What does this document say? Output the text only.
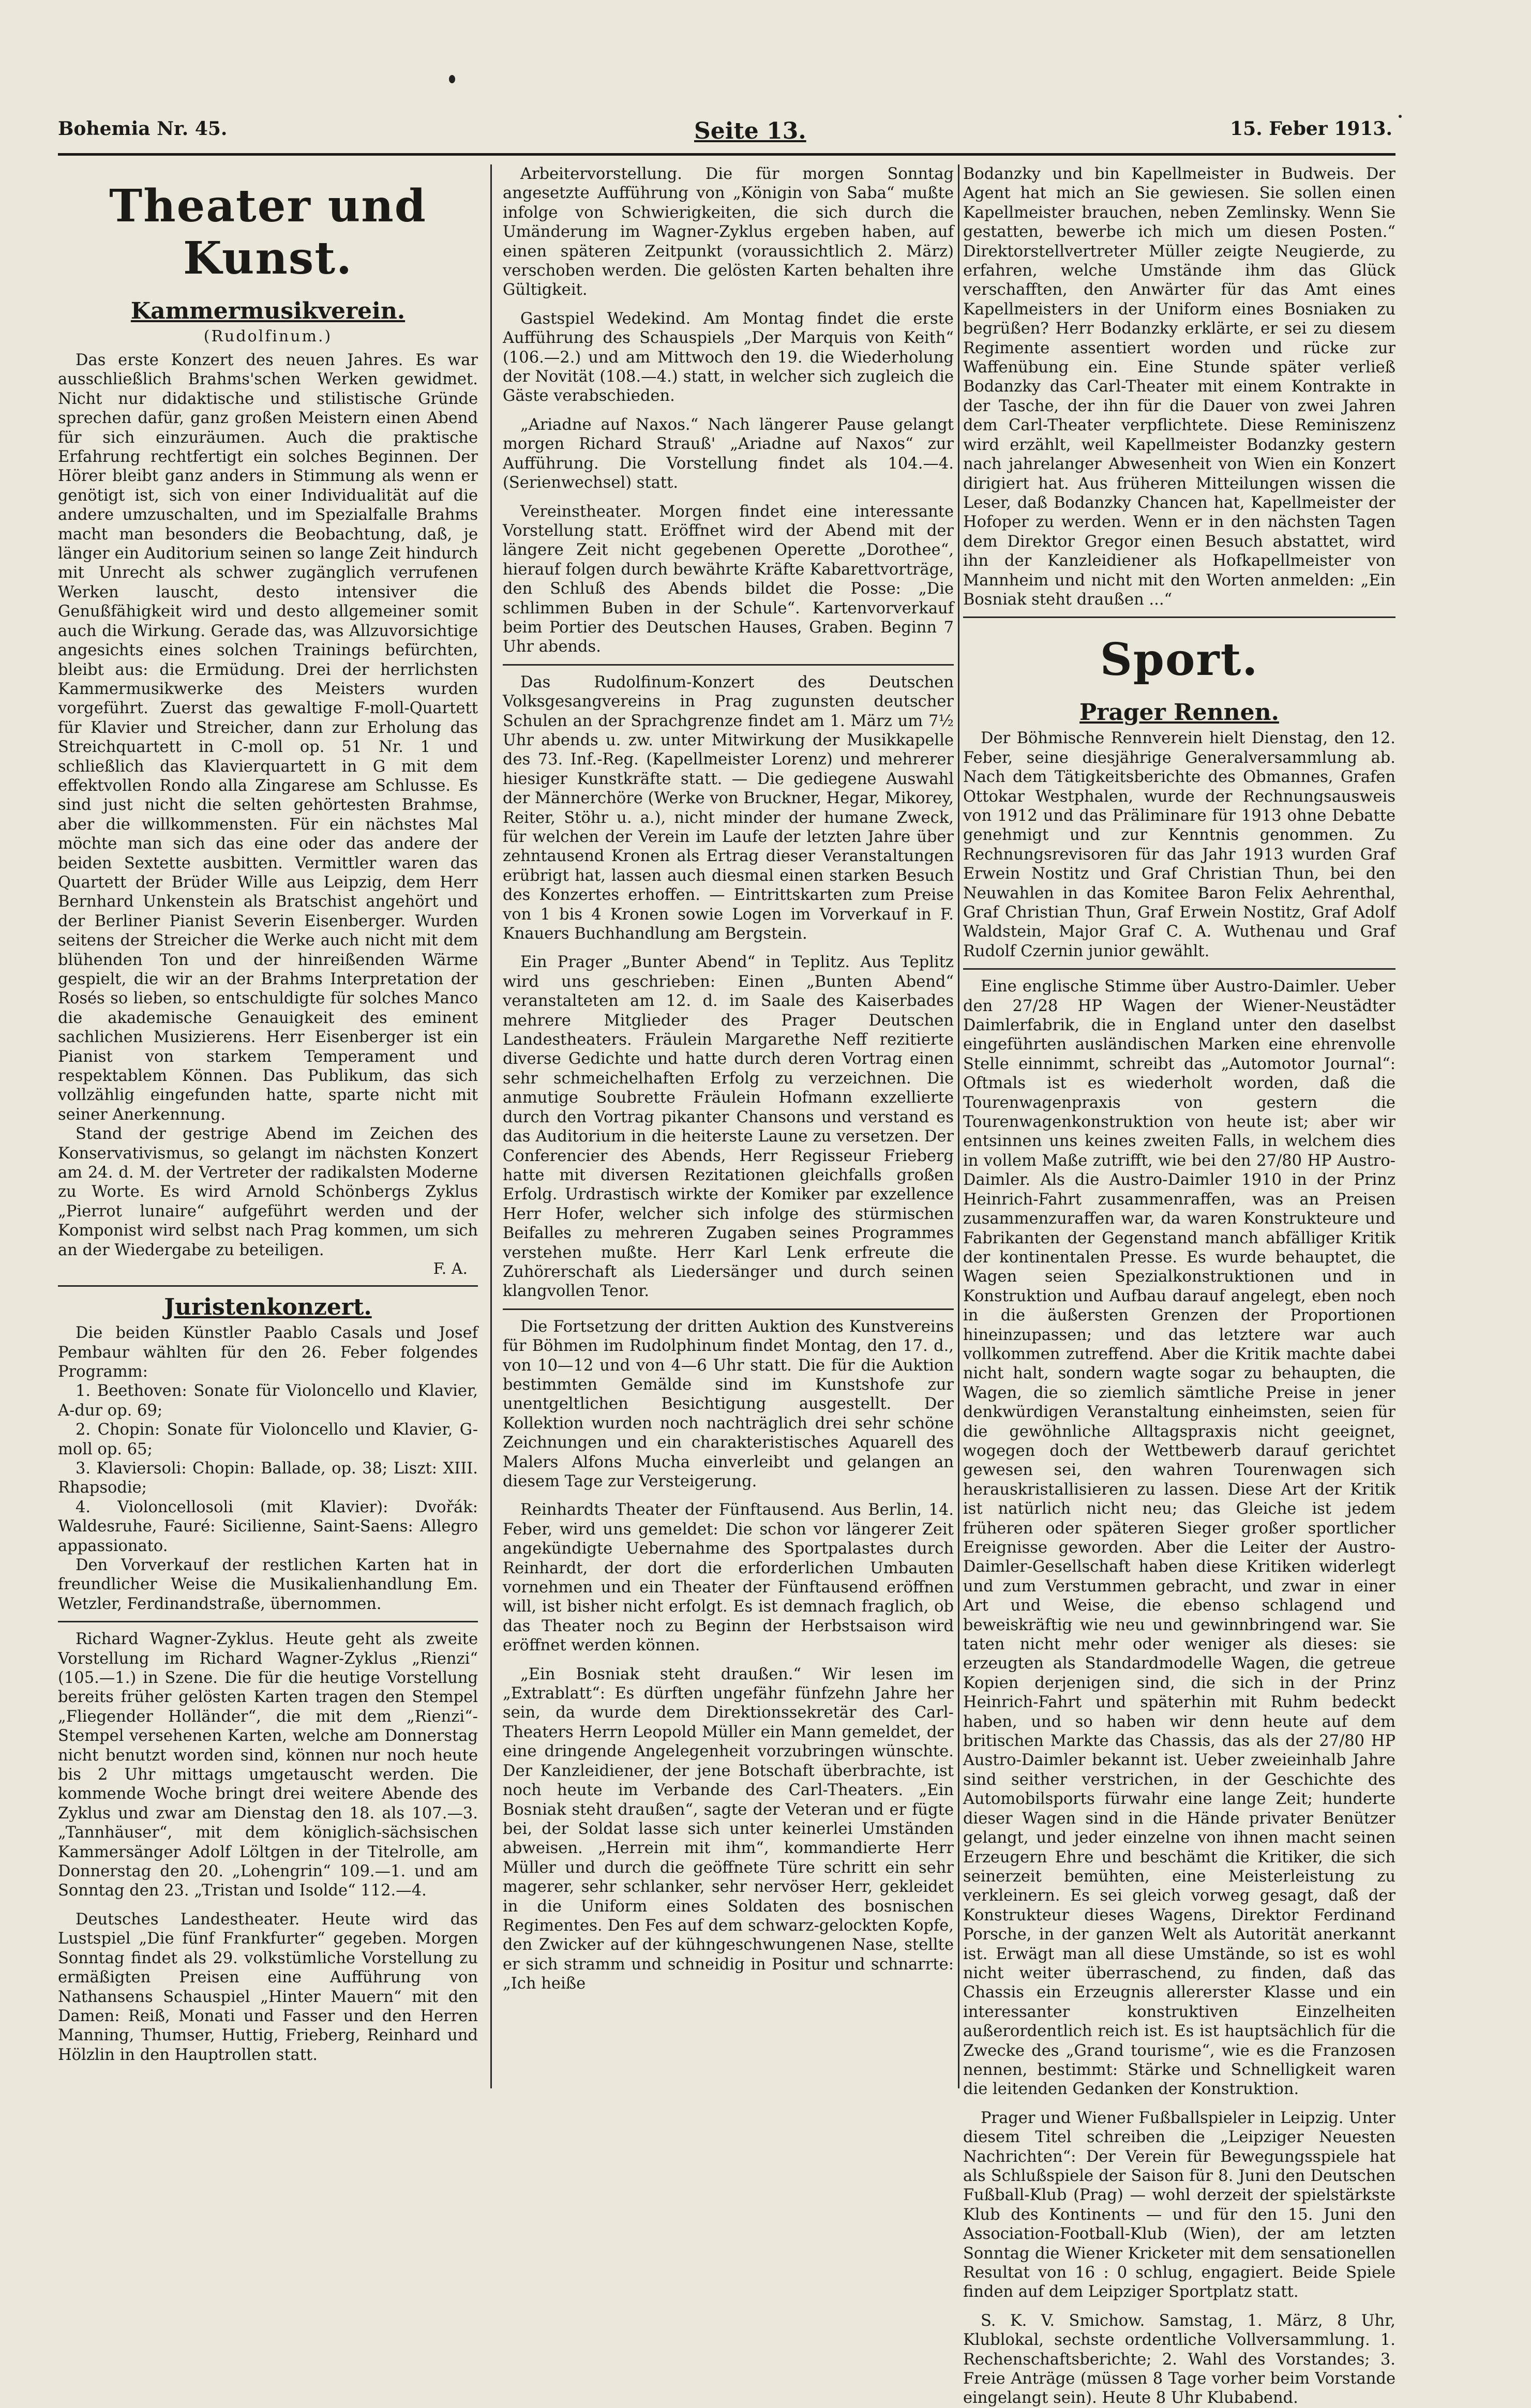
Bohemia Nr. 45.	Seite 13.	15. Feber 1913.
Theater und Kunst.
Kammermusikverein.
(Rudolfinum.)

Das erste Konzert des neuen Jahres. Es war ausschließlich Brahms'schen Werken gewidmet. Nicht nur didaktische und stilistische Gründe sprechen dafür, ganz großen Meistern einen Abend für sich einzuräumen. Auch die praktische Erfahrung rechtfertigt ein solches Beginnen. Der Hörer bleibt ganz anders in Stimmung als wenn er genötigt ist, sich von einer Individualität auf die andere umzuschalten, und im Spezialfalle Brahms macht man besonders die Beobachtung, daß, je länger ein Auditorium seinen so lange Zeit hindurch mit Unrecht als schwer zugänglich verrufenen Werken lauscht, desto intensiver die Genußfähigkeit wird und desto allgemeiner somit auch die Wirkung. Gerade das, was Allzuvorsichtige angesichts eines solchen Trainings befürchten, bleibt aus: die Ermüdung. Drei der herrlichsten Kammermusikwerke des Meisters wurden vorgeführt. Zuerst das gewaltige F-moll-Quartett für Klavier und Streicher, dann zur Erholung das Streichquartett in C-moll op. 51 Nr. 1 und schließlich das Klavierquartett in G mit dem effektvollen Rondo alla Zingarese am Schlusse. Es sind just nicht die selten gehörtesten Brahmse, aber die willkommensten. Für ein nächstes Mal möchte man sich das eine oder das andere der beiden Sextette ausbitten. Vermittler waren das Quartett der Brüder Wille aus Leipzig, dem Herr Bernhard Unkenstein als Bratschist angehört und der Berliner Pianist Severin Eisenberger. Wurden seitens der Streicher die Werke auch nicht mit dem blühenden Ton und der hinreißenden Wärme gespielt, die wir an der Brahms Interpretation der Rosés so lieben, so entschuldigte für solches Manco die akademische Genauigkeit des eminent sachlichen Musizierens. Herr Eisenberger ist ein Pianist von starkem Temperament und respektablem Können. Das Publikum, das sich vollzählig eingefunden hatte, sparte nicht mit seiner Anerkennung.

Stand der gestrige Abend im Zeichen des Konservativismus, so gelangt im nächsten Konzert am 24. d. M. der Vertreter der radikalsten Moderne zu Worte. Es wird Arnold Schönbergs Zyklus „Pierrot lunaire“ aufgeführt werden und der Komponist wird selbst nach Prag kommen, um sich an der Wiedergabe zu beteiligen.

F. A.

Juristenkonzert.

Die beiden Künstler Paablo Casals und Josef Pembaur wählten für den 26. Feber folgendes Programm:

1. Beethoven: Sonate für Violoncello und Klavier, A-dur op. 69;

2. Chopin: Sonate für Violoncello und Klavier, G-moll op. 65;

3. Klaviersoli: Chopin: Ballade, op. 38; Liszt: XIII. Rhapsodie;

4. Violoncellosoli (mit Klavier): Dvořák: Waldesruhe, Fauré: Sicilienne, Saint-Saens: Allegro appassionato.

Den Vorverkauf der restlichen Karten hat in freundlicher Weise die Musikalienhandlung Em. Wetzler, Ferdinandstraße, übernommen.

Richard Wagner-Zyklus. Heute geht als zweite Vorstellung im Richard Wagner-Zyklus „Rienzi“ (105.—1.) in Szene. Die für die heutige Vorstellung bereits früher gelösten Karten tragen den Stempel „Fliegender Holländer“, die mit dem „Rienzi“-Stempel versehenen Karten, welche am Donnerstag nicht benutzt worden sind, können nur noch heute bis 2 Uhr mittags umgetauscht werden. Die kommende Woche bringt drei weitere Abende des Zyklus und zwar am Dienstag den 18. als 107.—3. „Tannhäuser“, mit dem königlich-sächsischen Kammersänger Adolf Löltgen in der Titelrolle, am Donnerstag den 20. „Lohengrin“ 109.—1. und am Sonntag den 23. „Tristan und Isolde“ 112.—4.

Deutsches Landestheater. Heute wird das Lustspiel „Die fünf Frankfurter“ gegeben. Morgen Sonntag findet als 29. volkstümliche Vorstellung zu ermäßigten Preisen eine Aufführung von Nathansens Schauspiel „Hinter Mauern“ mit den Damen: Reiß, Monati und Fasser und den Herren Manning, Thumser, Huttig, Frieberg, Reinhard und Hölzlin in den Hauptrollen statt.

Arbeitervorstellung. Die für morgen Sonntag angesetzte Aufführung von „Königin von Saba“ mußte infolge von Schwierigkeiten, die sich durch die Umänderung im Wagner-Zyklus ergeben haben, auf einen späteren Zeitpunkt (voraussichtlich 2. März) verschoben werden. Die gelösten Karten behalten ihre Gültigkeit.

Gastspiel Wedekind. Am Montag findet die erste Aufführung des Schauspiels „Der Marquis von Keith“ (106.—2.) und am Mittwoch den 19. die Wiederholung der Novität (108.—4.) statt, in welcher sich zugleich die Gäste verabschieden.

„Ariadne auf Naxos.“ Nach längerer Pause gelangt morgen Richard Strauß' „Ariadne auf Naxos“ zur Aufführung. Die Vorstellung findet als 104.—4. (Serienwechsel) statt.

Vereinstheater. Morgen findet eine interessante Vorstellung statt. Eröffnet wird der Abend mit der längere Zeit nicht gegebenen Operette „Dorothee“, hierauf folgen durch bewährte Kräfte Kabarettvorträge, den Schluß des Abends bildet die Posse: „Die schlimmen Buben in der Schule“. Kartenvorverkauf beim Portier des Deutschen Hauses, Graben. Beginn 7 Uhr abends.

Das Rudolfinum-Konzert des Deutschen Volksgesangvereins in Prag zugunsten deutscher Schulen an der Sprachgrenze findet am 1. März um 7½ Uhr abends u. zw. unter Mitwirkung der Musikkapelle des 73. Inf.-Reg. (Kapellmeister Lorenz) und mehrerer hiesiger Kunstkräfte statt. — Die gediegene Auswahl der Männerchöre (Werke von Bruckner, Hegar, Mikorey, Reiter, Stöhr u. a.), nicht minder der humane Zweck, für welchen der Verein im Laufe der letzten Jahre über zehntausend Kronen als Ertrag dieser Veranstaltungen erübrigt hat, lassen auch diesmal einen starken Besuch des Konzertes erhoffen. — Eintrittskarten zum Preise von 1 bis 4 Kronen sowie Logen im Vorverkauf in F. Knauers Buchhandlung am Bergstein.

Ein Prager „Bunter Abend“ in Teplitz. Aus Teplitz wird uns geschrieben: Einen „Bunten Abend“ veranstalteten am 12. d. im Saale des Kaiserbades mehrere Mitglieder des Prager Deutschen Landestheaters. Fräulein Margarethe Neff rezitierte diverse Gedichte und hatte durch deren Vortrag einen sehr schmeichelhaften Erfolg zu verzeichnen. Die anmutige Soubrette Fräulein Hofmann exzellierte durch den Vortrag pikanter Chansons und verstand es das Auditorium in die heiterste Laune zu versetzen. Der Conferencier des Abends, Herr Regisseur Frieberg hatte mit diversen Rezitationen gleichfalls großen Erfolg. Urdrastisch wirkte der Komiker par exzellence Herr Hofer, welcher sich infolge des stürmischen Beifalles zu mehreren Zugaben seines Programmes verstehen mußte. Herr Karl Lenk erfreute die Zuhörerschaft als Liedersänger und durch seinen klangvollen Tenor.

Die Fortsetzung der dritten Auktion des Kunstvereins für Böhmen im Rudolphinum findet Montag, den 17. d., von 10—12 und von 4—6 Uhr statt. Die für die Auktion bestimmten Gemälde sind im Kunstshofe zur unentgeltlichen Besichtigung ausgestellt. Der Kollektion wurden noch nachträglich drei sehr schöne Zeichnungen und ein charakteristisches Aquarell des Malers Alfons Mucha einverleibt und gelangen an diesem Tage zur Versteigerung.

Reinhardts Theater der Fünftausend. Aus Berlin, 14. Feber, wird uns gemeldet: Die schon vor längerer Zeit angekündigte Uebernahme des Sportpalastes durch Reinhardt, der dort die erforderlichen Umbauten vornehmen und ein Theater der Fünftausend eröffnen will, ist bisher nicht erfolgt. Es ist demnach fraglich, ob das Theater noch zu Beginn der Herbstsaison wird eröffnet werden können.

„Ein Bosniak steht draußen.“ Wir lesen im „Extrablatt“: Es dürften ungefähr fünfzehn Jahre her sein, da wurde dem Direktionssekretär des Carl-Theaters Herrn Leopold Müller ein Mann gemeldet, der eine dringende Angelegenheit vorzubringen wünschte. Der Kanzleidiener, der jene Botschaft überbrachte, ist noch heute im Verbande des Carl-Theaters. „Ein Bosniak steht draußen“, sagte der Veteran und er fügte bei, der Soldat lasse sich unter keinerlei Umständen abweisen. „Herrein mit ihm“, kommandierte Herr Müller und durch die geöffnete Türe schritt ein sehr magerer, sehr schlanker, sehr nervöser Herr, gekleidet in die Uniform eines Soldaten des bosnischen Regimentes. Den Fes auf dem schwarz-gelockten Kopfe, den Zwicker auf der kühngeschwungenen Nase, stellte er sich stramm und schneidig in Positur und schnarrte: „Ich heiße

Bodanzky und bin Kapellmeister in Budweis. Der Agent hat mich an Sie gewiesen. Sie sollen einen Kapellmeister brauchen, neben Zemlinsky. Wenn Sie gestatten, bewerbe ich mich um diesen Posten.“ Direktorstellvertreter Müller zeigte Neugierde, zu erfahren, welche Umstände ihm das Glück verschafften, den Anwärter für das Amt eines Kapellmeisters in der Uniform eines Bosniaken zu begrüßen? Herr Bodanzky erklärte, er sei zu diesem Regimente assentiert worden und rücke zur Waffenübung ein. Eine Stunde später verließ Bodanzky das Carl-Theater mit einem Kontrakte in der Tasche, der ihn für die Dauer von zwei Jahren dem Carl-Theater verpflichtete. Diese Reminiszenz wird erzählt, weil Kapellmeister Bodanzky gestern nach jahrelanger Abwesenheit von Wien ein Konzert dirigiert hat. Aus früheren Mitteilungen wissen die Leser, daß Bodanzky Chancen hat, Kapellmeister der Hofoper zu werden. Wenn er in den nächsten Tagen dem Direktor Gregor einen Besuch abstattet, wird ihn der Kanzleidiener als Hofkapellmeister von Mannheim und nicht mit den Worten anmelden: „Ein Bosniak steht draußen ...“

Sport.
Prager Rennen.

Der Böhmische Rennverein hielt Dienstag, den 12. Feber, seine diesjährige Generalversammlung ab. Nach dem Tätigkeitsberichte des Obmannes, Grafen Ottokar Westphalen, wurde der Rechnungsausweis von 1912 und das Präliminare für 1913 ohne Debatte genehmigt und zur Kenntnis genommen. Zu Rechnungsrevisoren für das Jahr 1913 wurden Graf Erwein Nostitz und Graf Christian Thun, bei den Neuwahlen in das Komitee Baron Felix Aehrenthal, Graf Christian Thun, Graf Erwein Nostitz, Graf Adolf Waldstein, Major Graf C. A. Wuthenau und Graf Rudolf Czernin junior gewählt.

Eine englische Stimme über Austro-Daimler. Ueber den 27/28 HP Wagen der Wiener-Neustädter Daimlerfabrik, die in England unter den daselbst eingeführten ausländischen Marken eine ehrenvolle Stelle einnimmt, schreibt das „Automotor Journal“: Oftmals ist es wiederholt worden, daß die Tourenwagenpraxis von gestern die Tourenwagenkonstruktion von heute ist; aber wir entsinnen uns keines zweiten Falls, in welchem dies in vollem Maße zutrifft, wie bei den 27/80 HP Austro-Daimler. Als die Austro-Daimler 1910 in der Prinz Heinrich-Fahrt zusammenraffen, was an Preisen zusammenzuraffen war, da waren Konstrukteure und Fabrikanten der Gegenstand manch abfälliger Kritik der kontinentalen Presse. Es wurde behauptet, die Wagen seien Spezialkonstruktionen und in Konstruktion und Aufbau darauf angelegt, eben noch in die äußersten Grenzen der Proportionen hineinzupassen; und das letztere war auch vollkommen zutreffend. Aber die Kritik machte dabei nicht halt, sondern wagte sogar zu behaupten, die Wagen, die so ziemlich sämtliche Preise in jener denkwürdigen Veranstaltung einheimsten, seien für die gewöhnliche Alltagspraxis nicht geeignet, wogegen doch der Wettbewerb darauf gerichtet gewesen sei, den wahren Tourenwagen sich herauskristallisieren zu lassen. Diese Art der Kritik ist natürlich nicht neu; das Gleiche ist jedem früheren oder späteren Sieger großer sportlicher Ereignisse geworden. Aber die Leiter der Austro-Daimler-Gesellschaft haben diese Kritiken widerlegt und zum Verstummen gebracht, und zwar in einer Art und Weise, die ebenso schlagend und beweiskräftig wie neu und gewinnbringend war. Sie taten nicht mehr oder weniger als dieses: sie erzeugten als Standardmodelle Wagen, die getreue Kopien derjenigen sind, die sich in der Prinz Heinrich-Fahrt und späterhin mit Ruhm bedeckt haben, und so haben wir denn heute auf dem britischen Markte das Chassis, das als der 27/80 HP Austro-Daimler bekannt ist. Ueber zweieinhalb Jahre sind seither verstrichen, in der Geschichte des Automobilsports fürwahr eine lange Zeit; hunderte dieser Wagen sind in die Hände privater Benützer gelangt, und jeder einzelne von ihnen macht seinen Erzeugern Ehre und beschämt die Kritiker, die sich seinerzeit bemühten, eine Meisterleistung zu verkleinern. Es sei gleich vorweg gesagt, daß der Konstrukteur dieses Wagens, Direktor Ferdinand Porsche, in der ganzen Welt als Autorität anerkannt ist. Erwägt man all diese Umstände, so ist es wohl nicht weiter überraschend, zu finden, daß das Chassis ein Erzeugnis allererster Klasse und ein interessanter konstruktiven Einzelheiten außerordentlich reich ist. Es ist hauptsächlich für die Zwecke des „Grand tourisme“, wie es die Franzosen nennen, bestimmt: Stärke und Schnelligkeit waren die leitenden Gedanken der Konstruktion.

Prager und Wiener Fußballspieler in Leipzig. Unter diesem Titel schreiben die „Leipziger Neuesten Nachrichten“: Der Verein für Bewegungsspiele hat als Schlußspiele der Saison für 8. Juni den Deutschen Fußball-Klub (Prag) — wohl derzeit der spielstärkste Klub des Kontinents — und für den 15. Juni den Association-Football-Klub (Wien), der am letzten Sonntag die Wiener Kricketer mit dem sensationellen Resultat von 16 : 0 schlug, engagiert. Beide Spiele finden auf dem Leipziger Sportplatz statt.

S. K. V. Smichow. Samstag, 1. März, 8 Uhr, Klublokal, sechste ordentliche Vollversammlung. 1. Rechenschaftsberichte; 2. Wahl des Vorstandes; 3. Freie Anträge (müssen 8 Tage vorher beim Vorstande eingelangt sein). Heute 8 Uhr Klubabend.
